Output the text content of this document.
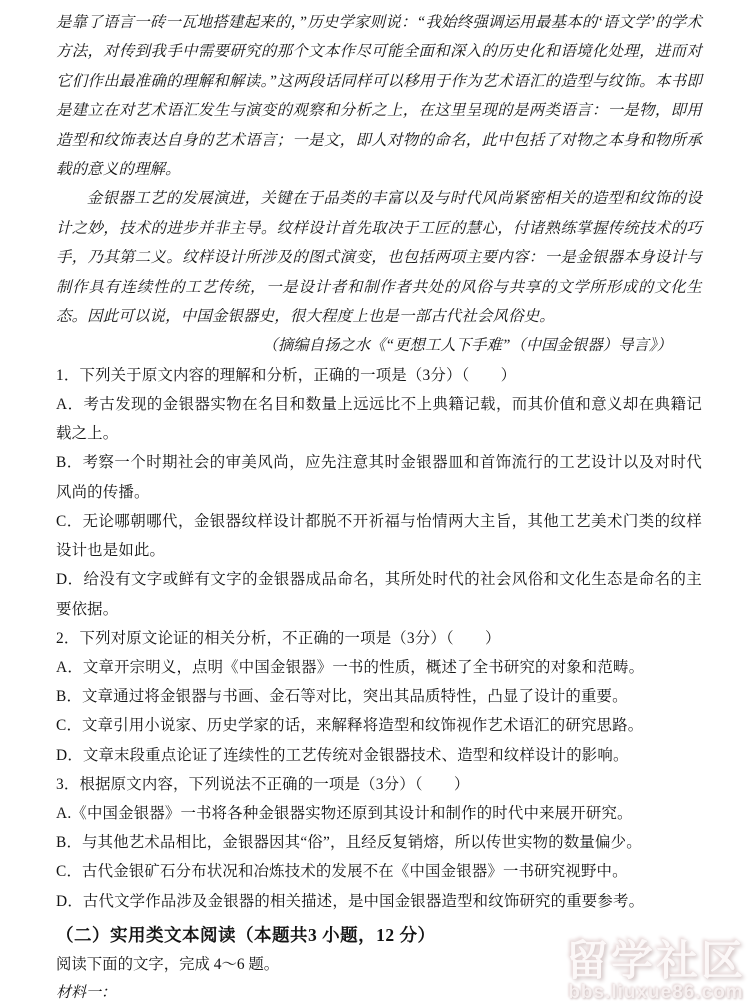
是靠了语言一砖一瓦地搭建起来的，”历史学家则说：“我始终强调运用最基本的‘语文学’的学术方法，对传到我手中需要研究的那个文本作尽可能全面和深入的历史化和语境化处理，进而对它们作出最准确的理解和解读。”这两段话同样可以移用于作为艺术语汇的造型与纹饰。本书即是建立在对艺术语汇发生与演变的观察和分析之上，在这里呈现的是两类语言：一是物，即用造型和纹饰表达自身的艺术语言；一是文，即人对物的命名，此中包括了对物之本身和物所承载的意义的理解。

金银器工艺的发展演进，关键在于品类的丰富以及与时代风尚紧密相关的造型和纹饰的设计之妙，技术的进步并非主导。纹样设计首先取决于工匠的慧心，付诸熟练掌握传统技术的巧手，乃其第二义。纹样设计所涉及的图式演变，也包括两项主要内容：一是金银器本身设计与制作具有连续性的工艺传统，一是设计者和制作者共处的风俗与共享的文学所形成的文化生态。因此可以说，中国金银器史，很大程度上也是一部古代社会风俗史。

（摘编自扬之水《“更想工人下手难”（中国金银器）导言》）

1．下列关于原文内容的理解和分析，正确的一项是（3分）（　　）

A．考古发现的金银器实物在名目和数量上远远比不上典籍记载，而其价值和意义却在典籍记载之上。

B．考察一个时期社会的审美风尚，应先注意其时金银器皿和首饰流行的工艺设计以及对时代风尚的传播。

C．无论哪朝哪代，金银器纹样设计都脱不开祈福与怡情两大主旨，其他工艺美术门类的纹样设计也是如此。

D．给没有文字或鲜有文字的金银器成品命名，其所处时代的社会风俗和文化生态是命名的主要依据。

2．下列对原文论证的相关分析，不正确的一项是（3分）（　　）

A．文章开宗明义，点明《中国金银器》一书的性质，概述了全书研究的对象和范畴。

B．文章通过将金银器与书画、金石等对比，突出其品质特性，凸显了设计的重要。

C．文章引用小说家、历史学家的话，来解释将造型和纹饰视作艺术语汇的研究思路。

D．文章末段重点论证了连续性的工艺传统对金银器技术、造型和纹样设计的影响。

3．根据原文内容，下列说法不正确的一项是（3分）（　　）

A.《中国金银器》一书将各种金银器实物还原到其设计和制作的时代中来展开研究。

B．与其他艺术品相比，金银器因其“俗”，且经反复销熔，所以传世实物的数量偏少。

C．古代金银矿石分布状况和冶炼技术的发展不在《中国金银器》一书研究视野中。

D．古代文学作品涉及金银器的相关描述，是中国金银器造型和纹饰研究的重要参考。

（二）实用类文本阅读（本题共3 小题，12 分）

阅读下面的文字，完成 4～6 题。

材料一：

留学社区
bbs.liuxue86.com
